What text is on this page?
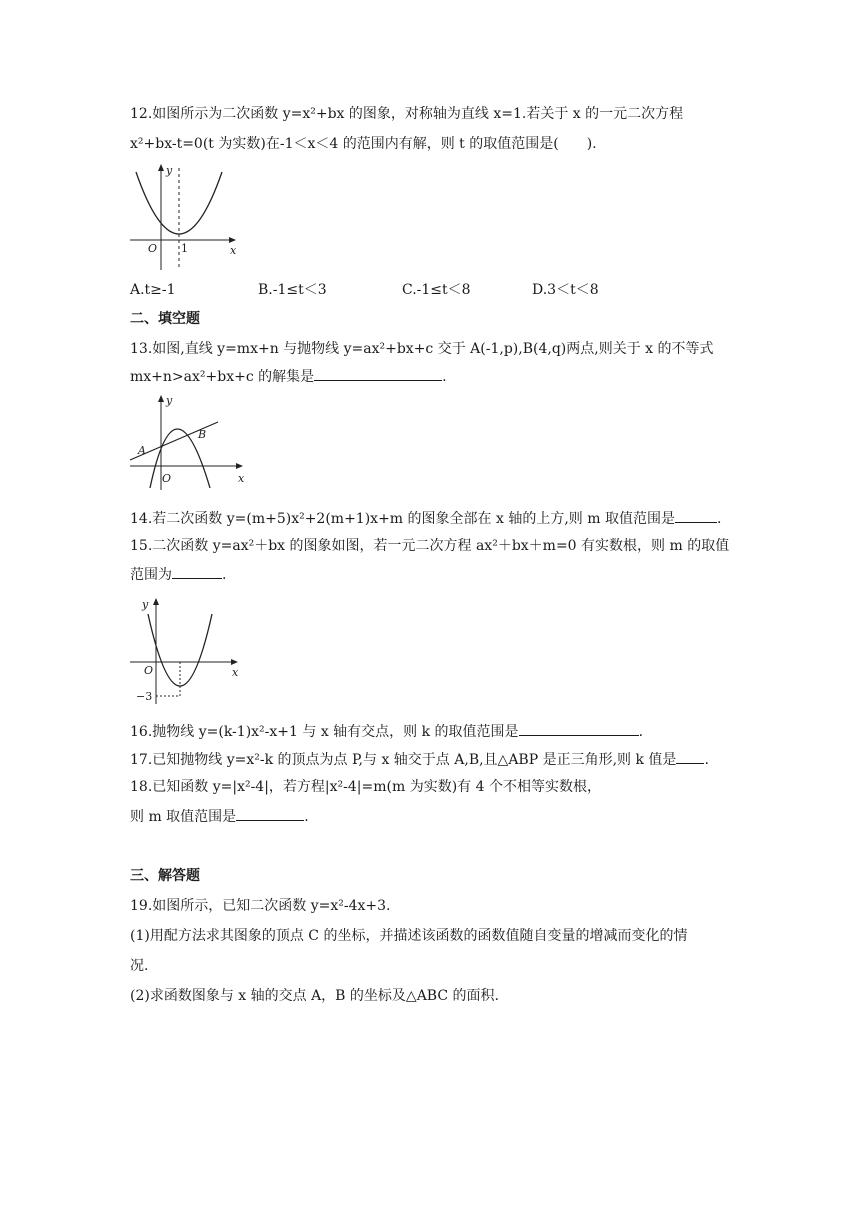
12.如图所示为二次函数 y=x²+bx 的图象，对称轴为直线 x=1.若关于 x 的一元二次方程
x²+bx-t=0(t 为实数)在-1＜x＜4 的范围内有解，则 t 的取值范围是(　　).
y
x
O 1
A.t≥-1	B.-1≤t＜3	C.-1≤t＜8	D.3＜t＜8
二、填空题
13.如图,直线 y=mx+n 与抛物线 y=ax²+bx+c 交于 A(-1,p),B(4,q)两点,则关于 x 的不等式
mx+n>ax²+bx+c 的解集是	.
y
x
O
A
B
14.若二次函数 y=(m+5)x²+2(m+1)x+m 的图象全部在 x 轴的上方,则 m 取值范围是	.
15.二次函数 y=ax²＋bx 的图象如图，若一元二次方程 ax²＋bx＋m=0 有实数根，则 m 的取值
范围为	.
y
x
O
−3
16.抛物线 y=(k-1)x²-x+1 与 x 轴有交点，则 k 的取值范围是	.
17.已知抛物线 y=x²-k 的顶点为点 P,与 x 轴交于点 A,B,且△ABP 是正三角形,则 k 值是 .
18.已知函数 y=|x²-4|，若方程|x²-4|=m(m 为实数)有 4 个不相等实数根，
则 m 取值范围是	.
三、解答题
19.如图所示，已知二次函数 y=x²-4x+3.
(1)用配方法求其图象的顶点 C 的坐标，并描述该函数的函数值随自变量的增减而变化的情
况.
(2)求函数图象与 x 轴的交点 A，B 的坐标及△ABC 的面积.
